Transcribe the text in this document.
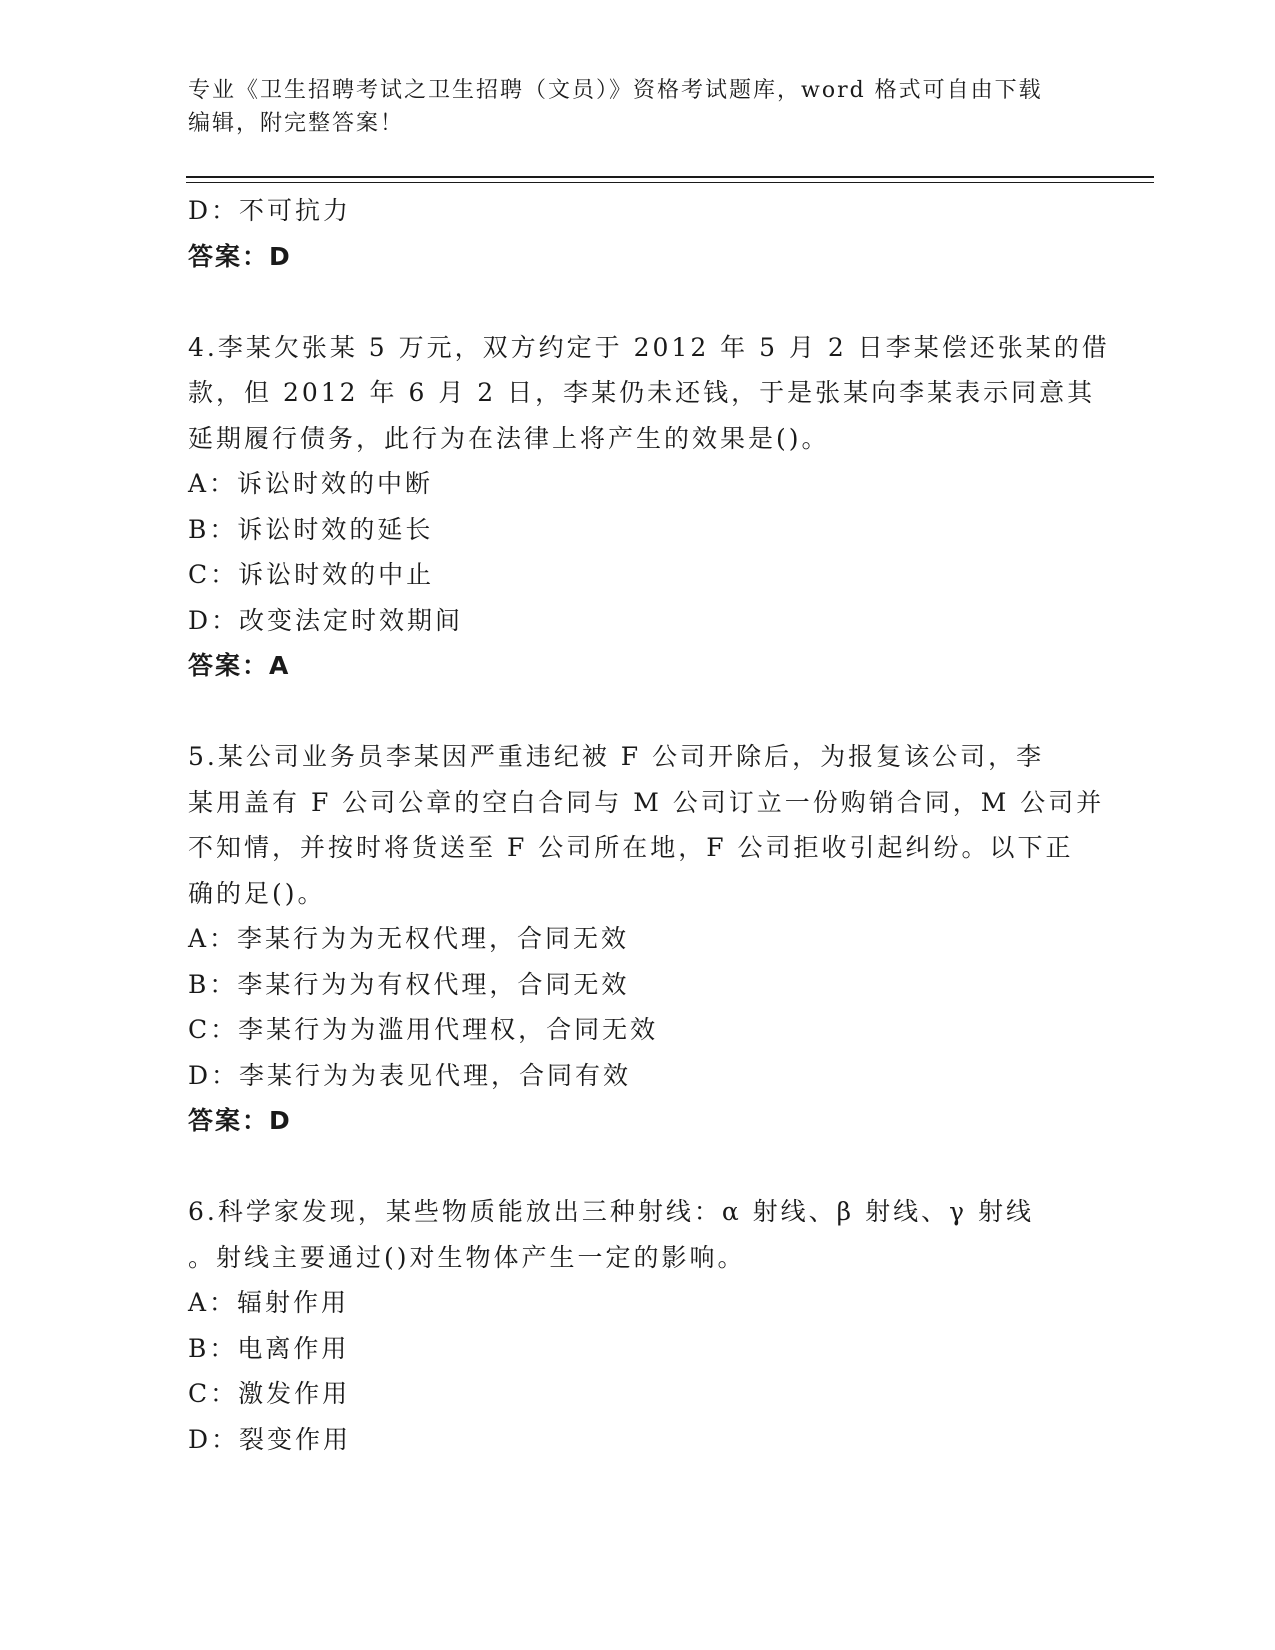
专业《卫生招聘考试之卫生招聘（文员）》资格考试题库，word 格式可自由下载
编辑，附完整答案！
D：不可抗力
答案：D
4.李某欠张某 5 万元，双方约定于 2012 年 5 月 2 日李某偿还张某的借
款，但 2012 年 6 月 2 日，李某仍未还钱，于是张某向李某表示同意其
延期履行债务，此行为在法律上将产生的效果是()。
A：诉讼时效的中断
B：诉讼时效的延长
C：诉讼时效的中止
D：改变法定时效期间
答案：A
5.某公司业务员李某因严重违纪被 F 公司开除后，为报复该公司，李
某用盖有 F 公司公章的空白合同与 M 公司订立一份购销合同，M 公司并
不知情，并按时将货送至 F 公司所在地，F 公司拒收引起纠纷。以下正
确的足()。
A：李某行为为无权代理，合同无效
B：李某行为为有权代理，合同无效
C：李某行为为滥用代理权，合同无效
D：李某行为为表见代理，合同有效
答案：D
6.科学家发现，某些物质能放出三种射线：α 射线、β 射线、γ 射线
。射线主要通过()对生物体产生一定的影响。
A：辐射作用
B：电离作用
C：激发作用
D：裂变作用
